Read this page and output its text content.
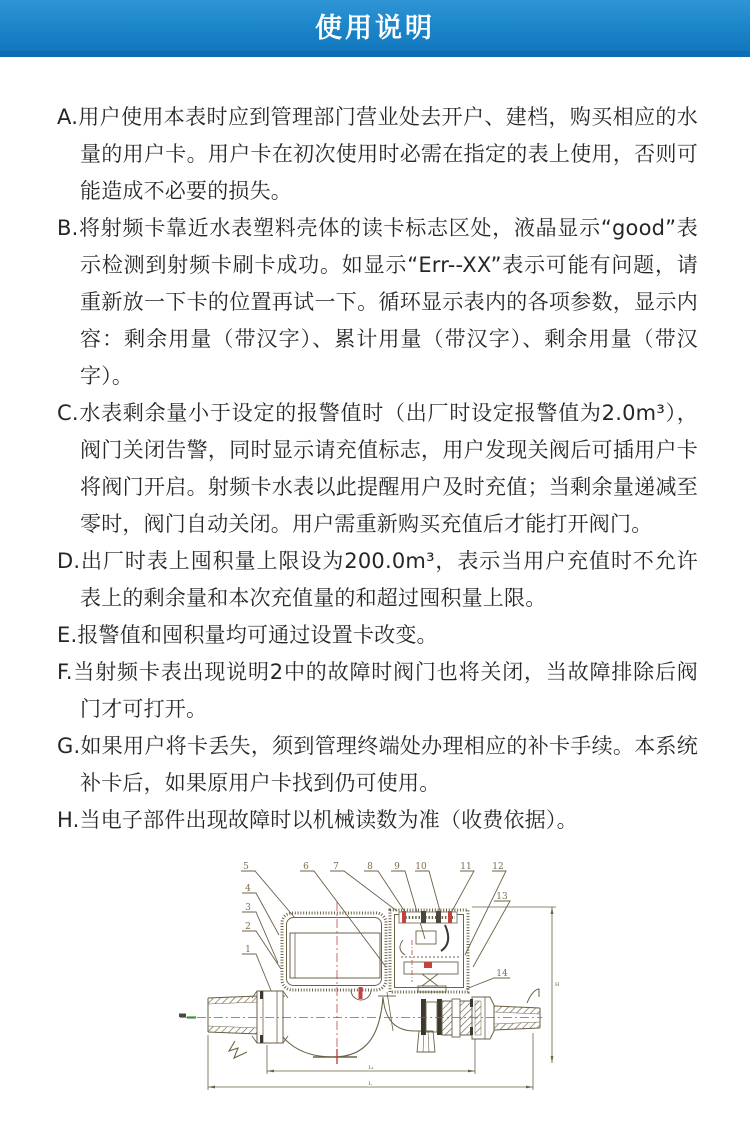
使用说明

A.用户使用本表时应到管理部门营业处去开户、建档，购买相应的水量的用户卡。用户卡在初次使用时必需在指定的表上使用，否则可能造成不必要的损失。

B.将射频卡靠近水表塑料壳体的读卡标志区处，液晶显示“good”表示检测到射频卡刷卡成功。如显示“Err--XX”表示可能有问题，请重新放一下卡的位置再试一下。循环显示表内的各项参数，显示内容：剩余用量（带汉字）、累计用量（带汉字）、剩余用量（带汉字）。

C.水表剩余量小于设定的报警值时（出厂时设定报警值为2.0m³），阀门关闭告警，同时显示请充值标志，用户发现关阀后可插用户卡将阀门开启。射频卡水表以此提醒用户及时充值；当剩余量递减至零时，阀门自动关闭。用户需重新购买充值后才能打开阀门。

D.出厂时表上囤积量上限设为200.0m³，表示当用户充值时不允许表上的剩余量和本次充值量的和超过囤积量上限。

E.报警值和囤积量均可通过设置卡改变。

F.当射频卡表出现说明2中的故障时阀门也将关闭，当故障排除后阀门才可打开。

G.如果用户将卡丢失，须到管理终端处办理相应的补卡手续。本系统补卡后，如果原用户卡找到仍可使用。

H.当电子部件出现故障时以机械读数为准（收费依据）。

5	6	7	8 9 10	11 12
4
3
2
1
13
14
L₁
L
H
